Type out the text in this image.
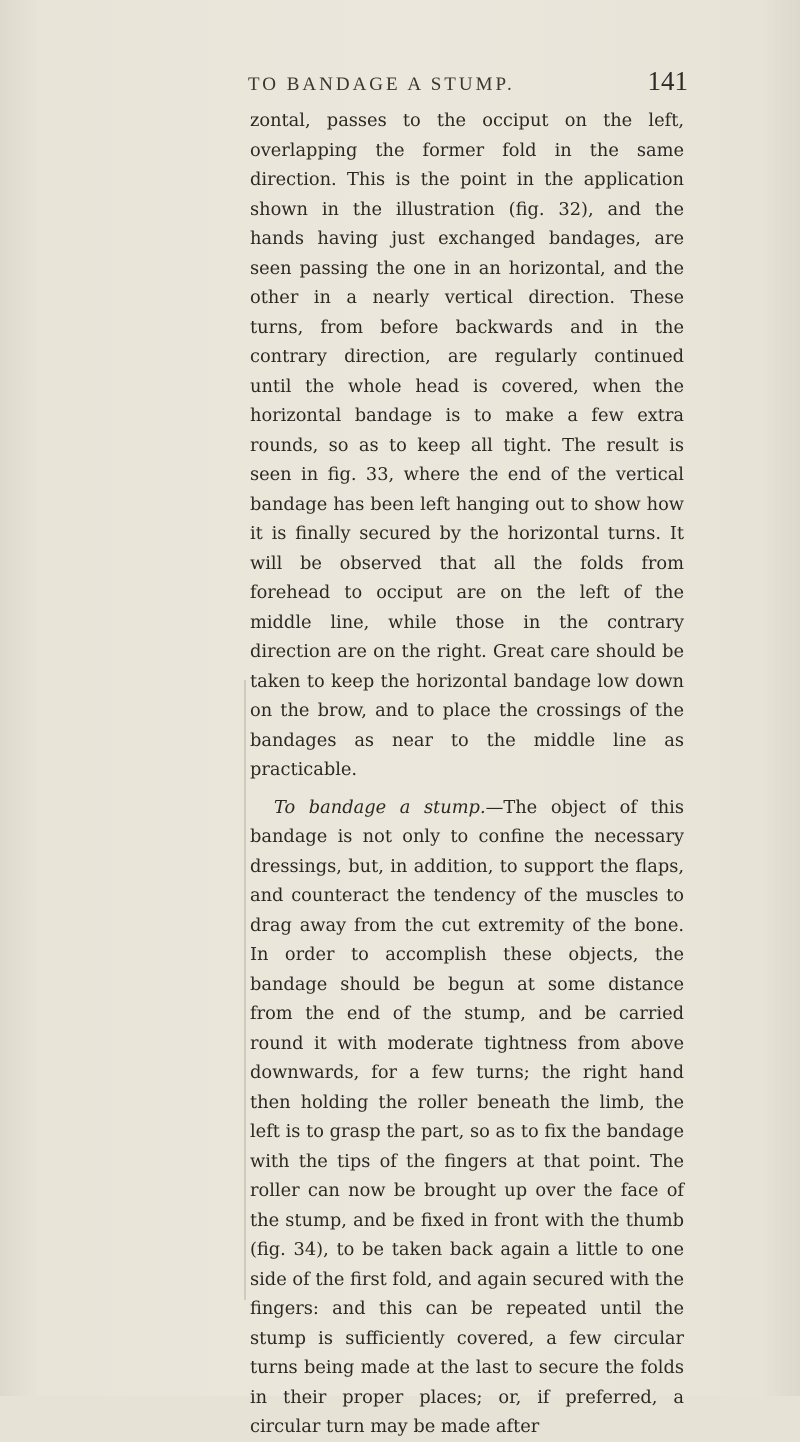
TO BANDAGE A STUMP.	141

zontal, passes to the occiput on the left, overlapping the former fold in the same direction. This is the point in the application shown in the illustration (fig. 32), and the hands having just exchanged bandages, are seen passing the one in an horizontal, and the other in a nearly vertical direction. These turns, from before backwards and in the contrary direction, are regularly continued until the whole head is covered, when the horizontal bandage is to make a few extra rounds, so as to keep all tight. The result is seen in fig. 33, where the end of the vertical bandage has been left hanging out to show how it is finally secured by the horizontal turns. It will be observed that all the folds from forehead to occiput are on the left of the middle line, while those in the contrary direction are on the right. Great care should be taken to keep the horizontal bandage low down on the brow, and to place the crossings of the bandages as near to the middle line as practicable.

To bandage a stump.—The object of this bandage is not only to confine the necessary dressings, but, in addition, to support the flaps, and counteract the tendency of the muscles to drag away from the cut extremity of the bone. In order to accomplish these objects, the bandage should be begun at some distance from the end of the stump, and be carried round it with moderate tightness from above downwards, for a few turns; the right hand then holding the roller beneath the limb, the left is to grasp the part, so as to fix the bandage with the tips of the fingers at that point. The roller can now be brought up over the face of the stump, and be fixed in front with the thumb (fig. 34), to be taken back again a little to one side of the first fold, and again secured with the fingers: and this can be repeated until the stump is sufficiently covered, a few circular turns being made at the last to secure the folds in their proper places; or, if preferred, a circular turn may be made after
